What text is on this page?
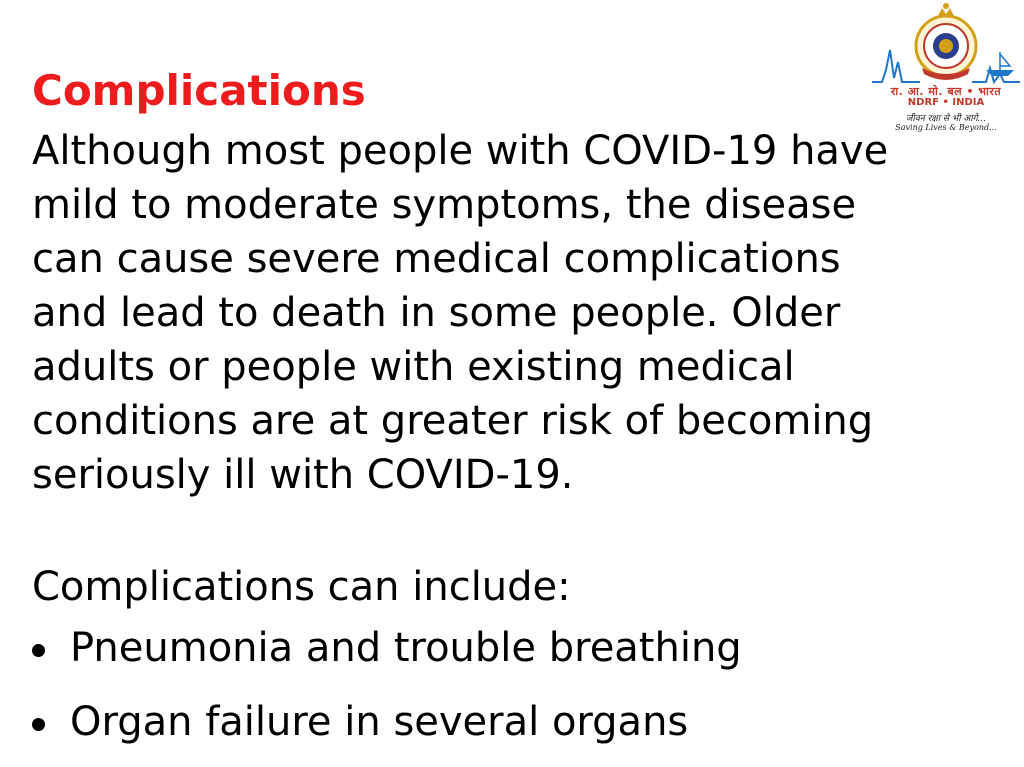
Complications
Although most people with COVID-19 have
mild to moderate symptoms, the disease
can cause severe medical complications
and lead to death in some people. Older
adults or people with existing medical
conditions are at greater risk of becoming
seriously ill with COVID-19.
Complications can include:
Pneumonia and trouble breathing
Organ failure in several organs
रा. आ. मो. बल • भारत
NDRF • INDIA
जीवन रक्षा से भी आगे...
Saving Lives & Beyond...
